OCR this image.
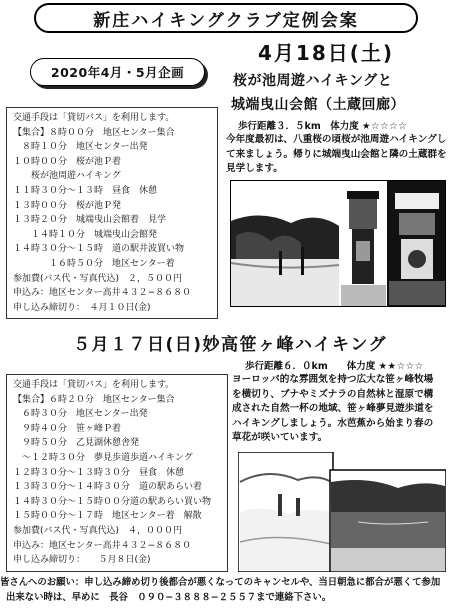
新庄ハイキングクラブ定例会案
2020年4月・5月企画
4月18日(土)
桜が池周遊ハイキングと
城端曳山会館（土蔵回廊）
歩行距離３．５km　体力度 ★☆☆☆☆
今年度最初は、八重桜の頃桜が池周遊ハイキングし
て来ましょう。帰りに城端曳山会館と隣の土蔵群を
見学します。
交通手段は「貸切バス」を利用します。
【集合】８時００分　地区センター集合
　８時１０分　地区センター出発
１０時００分　桜が池Ｐ着
　　桜が池周遊ハイキング
１１時３０分〜１３時　昼食　休憩
１３時００分　桜が池Ｐ発
１３時２０分　城端曳山会館着　見学
　　１４時１０分　城端曳山会館発
１４時３０分〜１５時　道の駅井波買い物
　　　　１６時５０分　地区センター着
参加費(バス代・写真代込)　２，５００円
申込み：地区センター高井４３２−８６８０
申し込み締切り：　４月１０日(金)
５月１７日(日)妙高笹ヶ峰ハイキング
歩行距離６．０km　　体力度 ★★☆☆☆
ヨーロッパ的な雰囲気を持つ広大な笹ヶ峰牧場
を横切り、ブナやミズナラの自然林と湿原で構
成された自然一杯の地域、笹ヶ峰夢見遊歩道を
ハイキングしましょう。水芭蕉から始まり春の
草花が咲いています。
交通手段は「貸切バス」を利用します。
【集合】６時２０分　地区センター集合
　６時３０分　地区センター出発
　９時４０分　笹ヶ峰Ｐ着
　９時５０分　乙見湖休憩舎発
　〜１２時３０分　夢見歩道歩道ハイキング
１２時３０分〜１３時３０分　昼食　休憩
１３時３０分〜１４時３０分　道の駅あらい着
１４時３０分〜１５時００分道の駅あらい買い物
１５時００分〜１７時　地区センター着　解散
参加費(バス代・写真代込)　４，０００円
申込み：地区センター高井４３２−８６８０
申し込み締切り：　　５月８日(金)
皆さんへのお願い：申し込み締め切り後都合が悪くなってのキャンセルや、当日朝急に都合が悪くて参加
出来ない時は、早めに　長谷　０９０−３８８８−２５５７まで連絡下さい。
